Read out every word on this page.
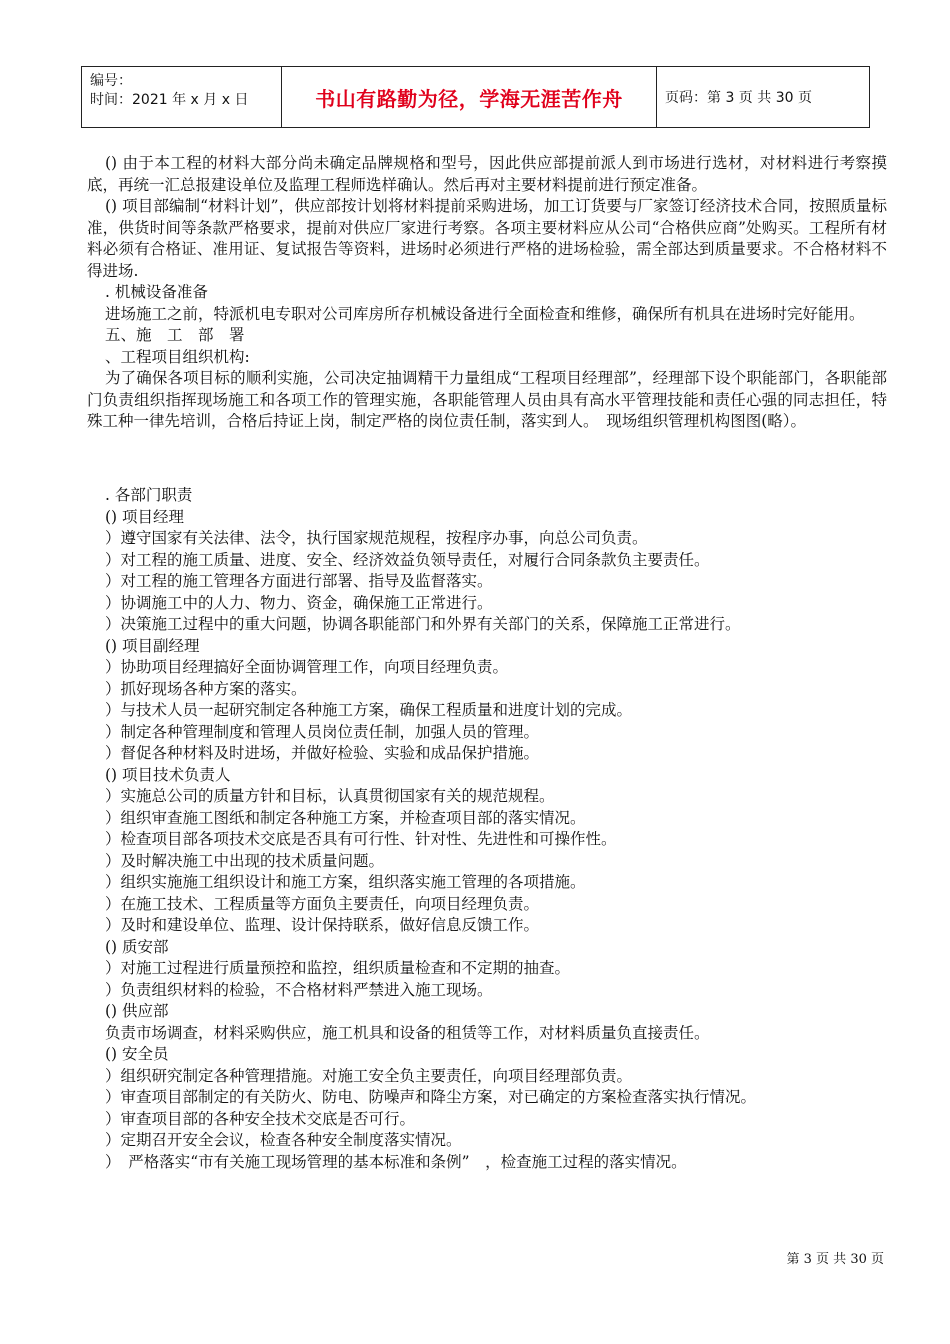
编号：
时间：2021 年 x 月 x 日	书山有路勤为径，学海无涯苦作舟	页码：第 3 页 共 30 页

() 由于本工程的材料大部分尚未确定品牌规格和型号，因此供应部提前派人到市场进行选材，对材料进行考察摸底，再统一汇总报建设单位及监理工程师选样确认。然后再对主要材料提前进行预定准备。

() 项目部编制“材料计划”，供应部按计划将材料提前采购进场，加工订货要与厂家签订经济技术合同，按照质量标准，供货时间等条款严格要求，提前对供应厂家进行考察。各项主要材料应从公司“合格供应商”处购买。工程所有材料必须有合格证、准用证、复试报告等资料，进场时必须进行严格的进场检验，需全部达到质量要求。不合格材料不得进场.

. 机械设备准备

进场施工之前，特派机电专职对公司库房所存机械设备进行全面检查和维修，确保所有机具在进场时完好能用。

五、施　工　部　署

、工程项目组织机构:

为了确保各项目标的顺利实施，公司决定抽调精干力量组成“工程项目经理部”，经理部下设个职能部门，各职能部门负责组织指挥现场施工和各项工作的管理实施，各职能管理人员由具有高水平管理技能和责任心强的同志担任，特殊工种一律先培训，合格后持证上岗，制定严格的岗位责任制，落实到人。　现场组织管理机构图图(略）。

. 各部门职责

() 项目经理

）遵守国家有关法律、法令，执行国家规范规程，按程序办事，向总公司负责。

）对工程的施工质量、进度、安全、经济效益负领导责任，对履行合同条款负主要责任。

）对工程的施工管理各方面进行部署、指导及监督落实。

）协调施工中的人力、物力、资金，确保施工正常进行。

）决策施工过程中的重大问题，协调各职能部门和外界有关部门的关系，保障施工正常进行。

() 项目副经理

）协助项目经理搞好全面协调管理工作，向项目经理负责。

）抓好现场各种方案的落实。

）与技术人员一起研究制定各种施工方案，确保工程质量和进度计划的完成。

）制定各种管理制度和管理人员岗位责任制，加强人员的管理。

）督促各种材料及时进场，并做好检验、实验和成品保护措施。

() 项目技术负责人

）实施总公司的质量方针和目标，认真贯彻国家有关的规范规程。

）组织审查施工图纸和制定各种施工方案，并检查项目部的落实情况。

）检查项目部各项技术交底是否具有可行性、针对性、先进性和可操作性。

）及时解决施工中出现的技术质量问题。

）组织实施施工组织设计和施工方案，组织落实施工管理的各项措施。

）在施工技术、工程质量等方面负主要责任，向项目经理负责。

）及时和建设单位、监理、设计保持联系，做好信息反馈工作。

() 质安部

）对施工过程进行质量预控和监控，组织质量检查和不定期的抽查。

）负责组织材料的检验，不合格材料严禁进入施工现场。

() 供应部

负责市场调查，材料采购供应，施工机具和设备的租赁等工作，对材料质量负直接责任。

() 安全员

）组织研究制定各种管理措施。对施工安全负主要责任，向项目经理部负责。

）审查项目部制定的有关防火、防电、防噪声和降尘方案，对已确定的方案检查落实执行情况。

）审查项目部的各种安全技术交底是否可行。

）定期召开安全会议，检查各种安全制度落实情况。

）　严格落实“市有关施工现场管理的基本标准和条例”　，检查施工过程的落实情况。

第 3 页 共 30 页
